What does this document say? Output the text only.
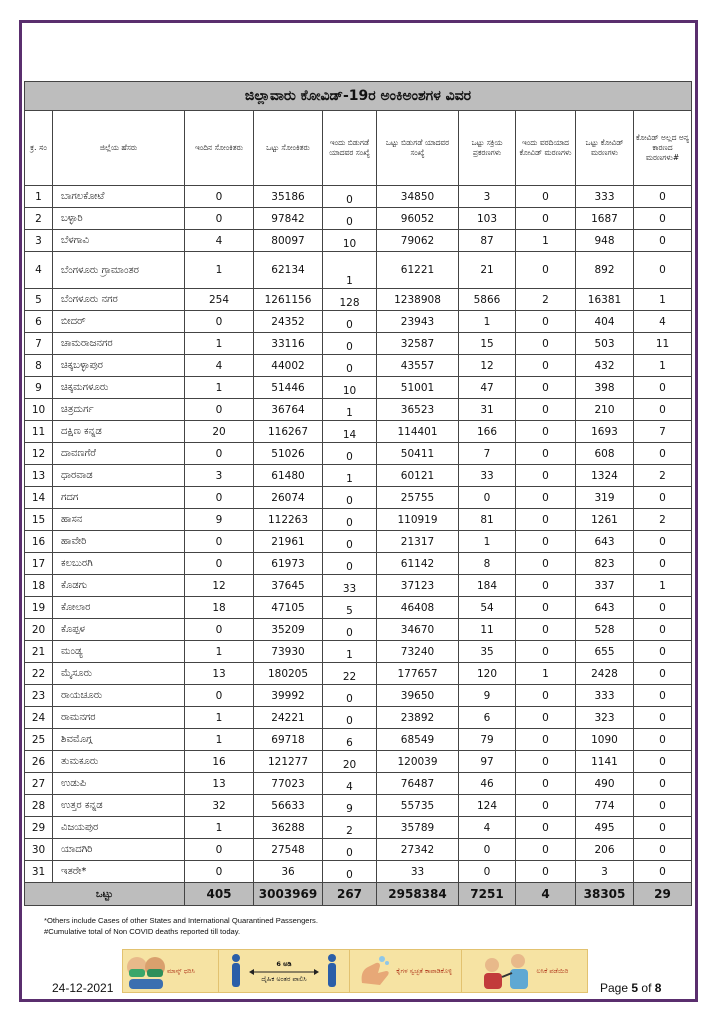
ಜಿಲ್ಲಾವಾರು ಕೋವಿಡ್-19ರ ಅಂಕಿಅಂಶಗಳ ವಿವರ									
ಕ್ರ. ಸಂ	ಜಿಲ್ಲೆಯ ಹೆಸರು	ಇಂದಿನ ಸೋಂಕಿತರು	ಒಟ್ಟು ಸೋಂಕಿತರು	ಇಂದು ಬಿಡುಗಡೆ ಯಾದವರ ಸಂಖ್ಯೆ	ಒಟ್ಟು ಬಿಡುಗಡೆ ಯಾದವರ ಸಂಖ್ಯೆ	ಒಟ್ಟು ಸಕ್ರಿಯ ಪ್ರಕರಣಗಳು	ಇಂದು ವರದಿಯಾದ ಕೋವಿಡ್ ಮರಣಗಳು	ಒಟ್ಟು ಕೋವಿಡ್ ಮರಣಗಳು	ಕೋವಿಡ್ ಅಲ್ಲದ ಅನ್ಯ ಕಾರಣದ ಮರಣಗಳು#
1	ಬಾಗಲಕೋಟೆ	0	35186	0	34850	3	0	333	0
2	ಬಳ್ಳಾರಿ	0	97842	0	96052	103	0	1687	0
3	ಬೆಳಗಾವಿ	4	80097	10	79062	87	1	948	0
4	ಬೆಂಗಳೂರು ಗ್ರಾಮಾಂತರ	1	62134	1	61221	21	0	892	0
5	ಬೆಂಗಳೂರು ನಗರ	254	1261156	128	1238908	5866	2	16381	1
6	ಬೀದರ್	0	24352	0	23943	1	0	404	4
7	ಚಾಮರಾಜನಗರ	1	33116	0	32587	15	0	503	11
8	ಚಿಕ್ಕಬಳ್ಳಾಪುರ	4	44002	0	43557	12	0	432	1
9	ಚಿಕ್ಕಮಗಳೂರು	1	51446	10	51001	47	0	398	0
10	ಚಿತ್ರದುರ್ಗ	0	36764	1	36523	31	0	210	0
11	ದಕ್ಷಿಣ ಕನ್ನಡ	20	116267	14	114401	166	0	1693	7
12	ದಾವಣಗೆರೆ	0	51026	0	50411	7	0	608	0
13	ಧಾರವಾಡ	3	61480	1	60121	33	0	1324	2
14	ಗದಗ	0	26074	0	25755	0	0	319	0
15	ಹಾಸನ	9	112263	0	110919	81	0	1261	2
16	ಹಾವೇರಿ	0	21961	0	21317	1	0	643	0
17	ಕಲಬುರಗಿ	0	61973	0	61142	8	0	823	0
18	ಕೊಡಗು	12	37645	33	37123	184	0	337	1
19	ಕೋಲಾರ	18	47105	5	46408	54	0	643	0
20	ಕೊಪ್ಪಳ	0	35209	0	34670	11	0	528	0
21	ಮಂಡ್ಯ	1	73930	1	73240	35	0	655	0
22	ಮೈಸೂರು	13	180205	22	177657	120	1	2428	0
23	ರಾಯಚೂರು	0	39992	0	39650	9	0	333	0
24	ರಾಮನಗರ	1	24221	0	23892	6	0	323	0
25	ಶಿವಮೊಗ್ಗ	1	69718	6	68549	79	0	1090	0
26	ತುಮಕೂರು	16	121277	20	120039	97	0	1141	0
27	ಉಡುಪಿ	13	77023	4	76487	46	0	490	0
28	ಉತ್ತರ ಕನ್ನಡ	32	56633	9	55735	124	0	774	0
29	ವಿಜಯಪುರ	1	36288	2	35789	4	0	495	0
30	ಯಾದಗಿರಿ	0	27548	0	27342	0	0	206	0
31	ಇತರೇ*	0	36	0	33	0	0	3	0
ಒಟ್ಟು		405	3003969	267	2958384	7251	4	38305	29
*Others include Cases of other States and International Quarantined Passengers.
#Cumulative total of Non COVID deaths reported till today.
24-12-2021
ಮಾಸ್ಕ್ ಧರಿಸಿ
6 ಅಡಿ
ದೈಹಿಕ ಅಂತರ ಪಾಲಿಸಿ
ಕೈಗಳ ಸ್ವಚ್ಛತೆ ಕಾಪಾಡಿಕೊಳ್ಳಿ	ಲಸಿಕೆ ಪಡೆಯಿರಿ
Page 5 of 8
